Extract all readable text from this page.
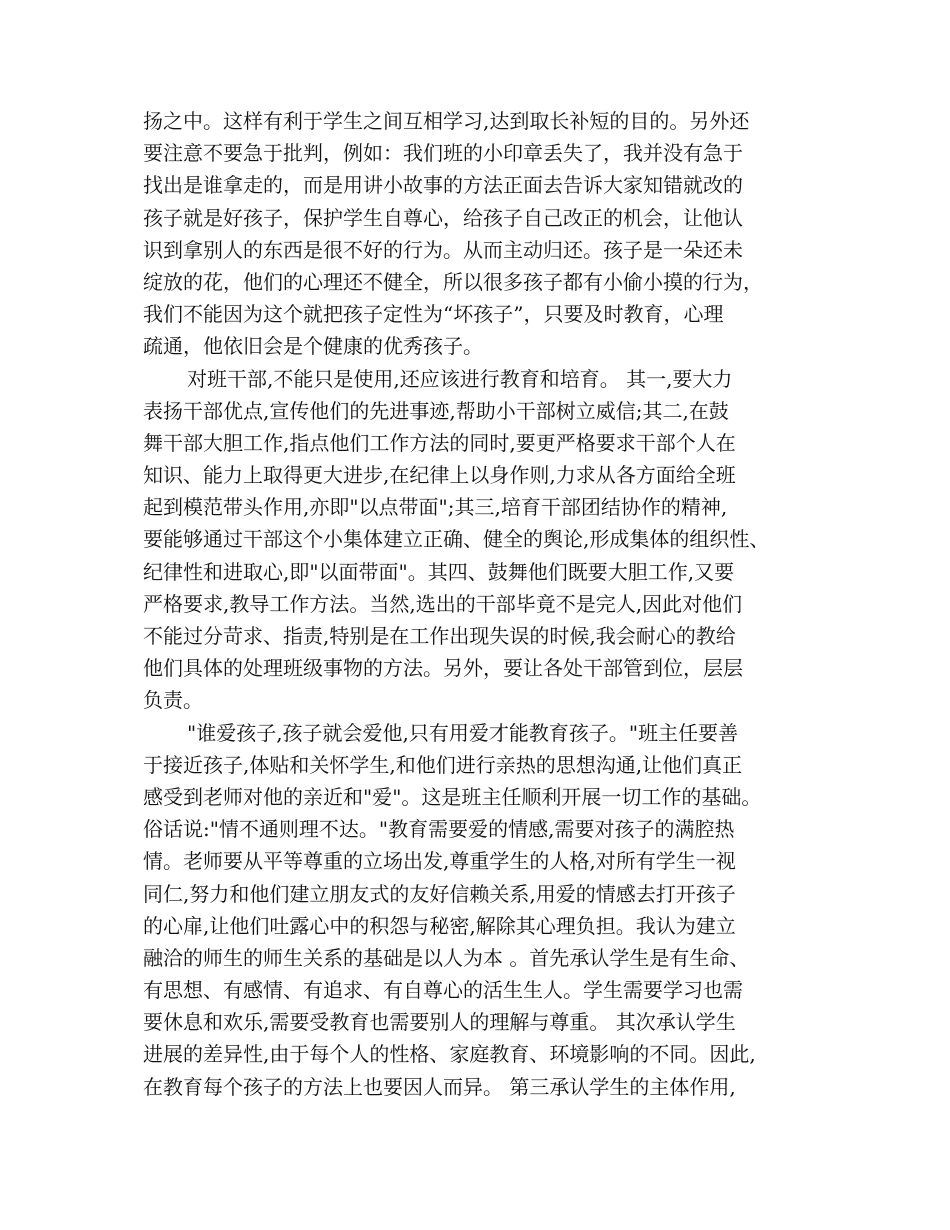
扬之中。这样有利于学生之间互相学习,达到取长补短的目的。另外还
要注意不要急于批判，例如：我们班的小印章丢失了，我并没有急于
找出是谁拿走的，而是用讲小故事的方法正面去告诉大家知错就改的
孩子就是好孩子，保护学生自尊心，给孩子自己改正的机会，让他认
识到拿别人的东西是很不好的行为。从而主动归还。孩子是一朵还未
绽放的花，他们的心理还不健全，所以很多孩子都有小偷小摸的行为，
我们不能因为这个就把孩子定性为“坏孩子”，只要及时教育，心理
疏通，他依旧会是个健康的优秀孩子。
对班干部,不能只是使用,还应该进行教育和培育。 其一,要大力
表扬干部优点,宣传他们的先进事迹,帮助小干部树立威信;其二,在鼓
舞干部大胆工作,指点他们工作方法的同时,要更严格要求干部个人在
知识、能力上取得更大进步,在纪律上以身作则,力求从各方面给全班
起到模范带头作用,亦即"以点带面";其三,培育干部团结协作的精神,
要能够通过干部这个小集体建立正确、健全的舆论,形成集体的组织性、
纪律性和进取心,即"以面带面"。其四、鼓舞他们既要大胆工作,又要
严格要求,教导工作方法。当然,选出的干部毕竟不是完人,因此对他们
不能过分苛求、指责,特别是在工作出现失误的时候,我会耐心的教给
他们具体的处理班级事物的方法。另外，要让各处干部管到位，层层
负责。
"谁爱孩子,孩子就会爱他,只有用爱才能教育孩子。"班主任要善
于接近孩子,体贴和关怀学生,和他们进行亲热的思想沟通,让他们真正
感受到老师对他的亲近和"爱"。这是班主任顺利开展一切工作的基础。
俗话说:"情不通则理不达。"教育需要爱的情感,需要对孩子的满腔热
情。老师要从平等尊重的立场出发,尊重学生的人格,对所有学生一视
同仁,努力和他们建立朋友式的友好信赖关系,用爱的情感去打开孩子
的心扉,让他们吐露心中的积怨与秘密,解除其心理负担。我认为建立
融洽的师生的师生关系的基础是以人为本 。首先承认学生是有生命、
有思想、有感情、有追求、有自尊心的活生生人。学生需要学习也需
要休息和欢乐,需要受教育也需要别人的理解与尊重。 其次承认学生
进展的差异性,由于每个人的性格、家庭教育、环境影响的不同。因此,
在教育每个孩子的方法上也要因人而异。 第三承认学生的主体作用,
